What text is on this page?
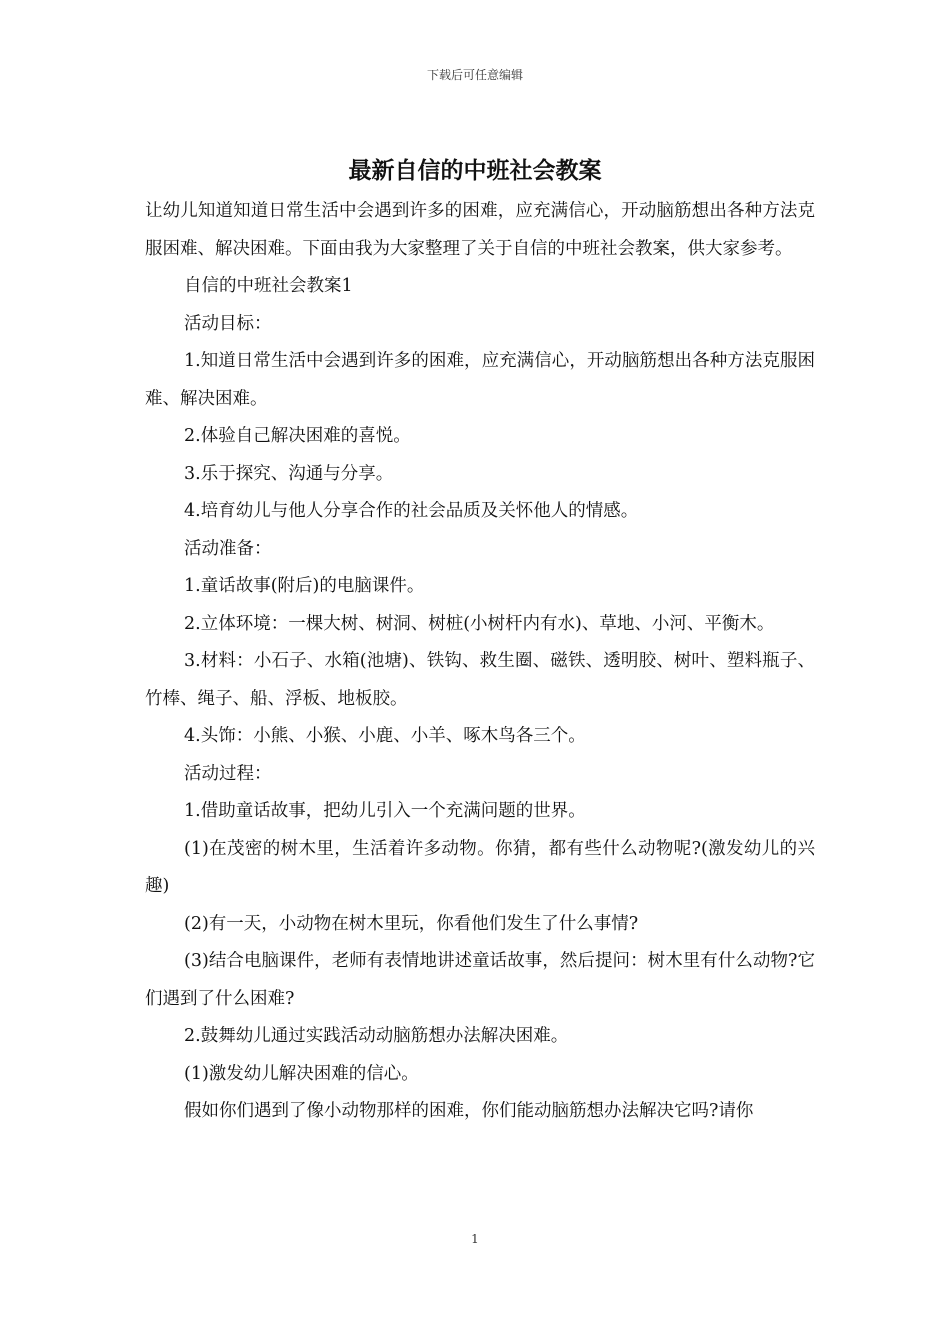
下载后可任意编辑
最新自信的中班社会教案

让幼儿知道知道日常生活中会遇到许多的困难，应充满信心，开动脑筋想出各种方法克服困难、解决困难。下面由我为大家整理了关于自信的中班社会教案，供大家参考。

自信的中班社会教案1

活动目标：

1.知道日常生活中会遇到许多的困难，应充满信心，开动脑筋想出各种方法克服困难、解决困难。

2.体验自己解决困难的喜悦。

3.乐于探究、沟通与分享。

4.培育幼儿与他人分享合作的社会品质及关怀他人的情感。

活动准备：

1.童话故事(附后)的电脑课件。

2.立体环境：一棵大树、树洞、树桩(小树杆内有水)、草地、小河、平衡木。

3.材料：小石子、水箱(池塘)、铁钩、救生圈、磁铁、透明胶、树叶、塑料瓶子、竹棒、绳子、船、浮板、地板胶。

4.头饰：小熊、小猴、小鹿、小羊、啄木鸟各三个。

活动过程：

1.借助童话故事，把幼儿引入一个充满问题的世界。

(1)在茂密的树木里，生活着许多动物。你猜，都有些什么动物呢?(激发幼儿的兴趣)

(2)有一天，小动物在树木里玩，你看他们发生了什么事情?

(3)结合电脑课件，老师有表情地讲述童话故事，然后提问：树木里有什么动物?它们遇到了什么困难?

2.鼓舞幼儿通过实践活动动脑筋想办法解决困难。

(1)激发幼儿解决困难的信心。

假如你们遇到了像小动物那样的困难，你们能动脑筋想办法解决它吗?请你

1
